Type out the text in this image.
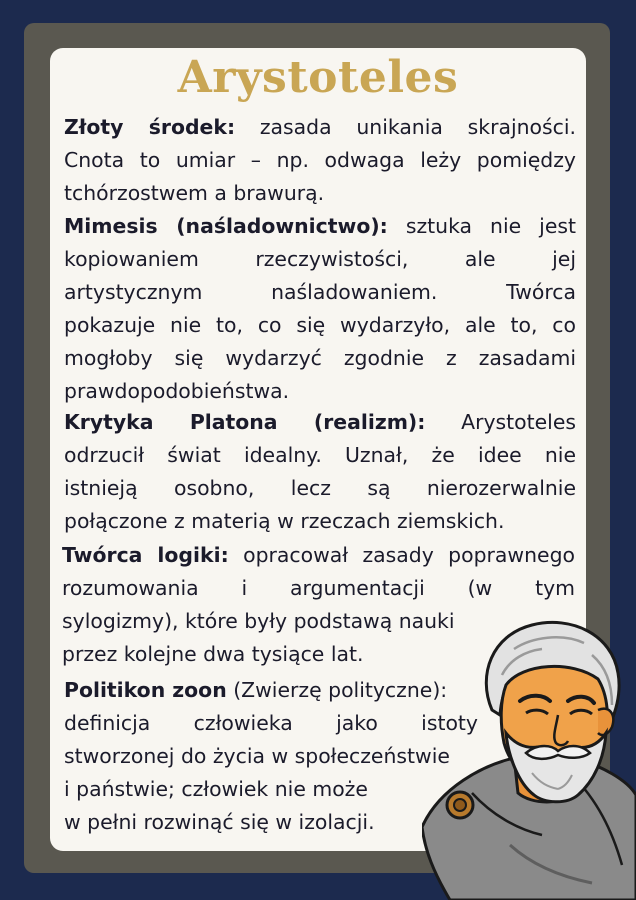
Arystoteles

Złoty środek: zasada unikania skrajności.
Cnota to umiar – np. odwaga leży pomiędzy
tchórzostwem a brawurą.

Mimesis (naśladownictwo): sztuka nie jest
kopiowaniem rzeczywistości, ale jej
artystycznym naśladowaniem. Twórca
pokazuje nie to, co się wydarzyło, ale to, co
mogłoby się wydarzyć zgodnie z zasadami
prawdopodobieństwa.

Krytyka Platona (realizm): Arystoteles
odrzucił świat idealny. Uznał, że idee nie
istnieją osobno, lecz są nierozerwalnie
połączone z materią w rzeczach ziemskich.

Twórca logiki: opracował zasady poprawnego
rozumowania i argumentacji (w tym
sylogizmy), które były podstawą nauki
przez kolejne dwa tysiące lat.

Politikon zoon (Zwierzę polityczne):
definicja człowieka jako istoty
stworzonej do życia w społeczeństwie
i państwie; człowiek nie może
w pełni rozwinąć się w izolacji.
